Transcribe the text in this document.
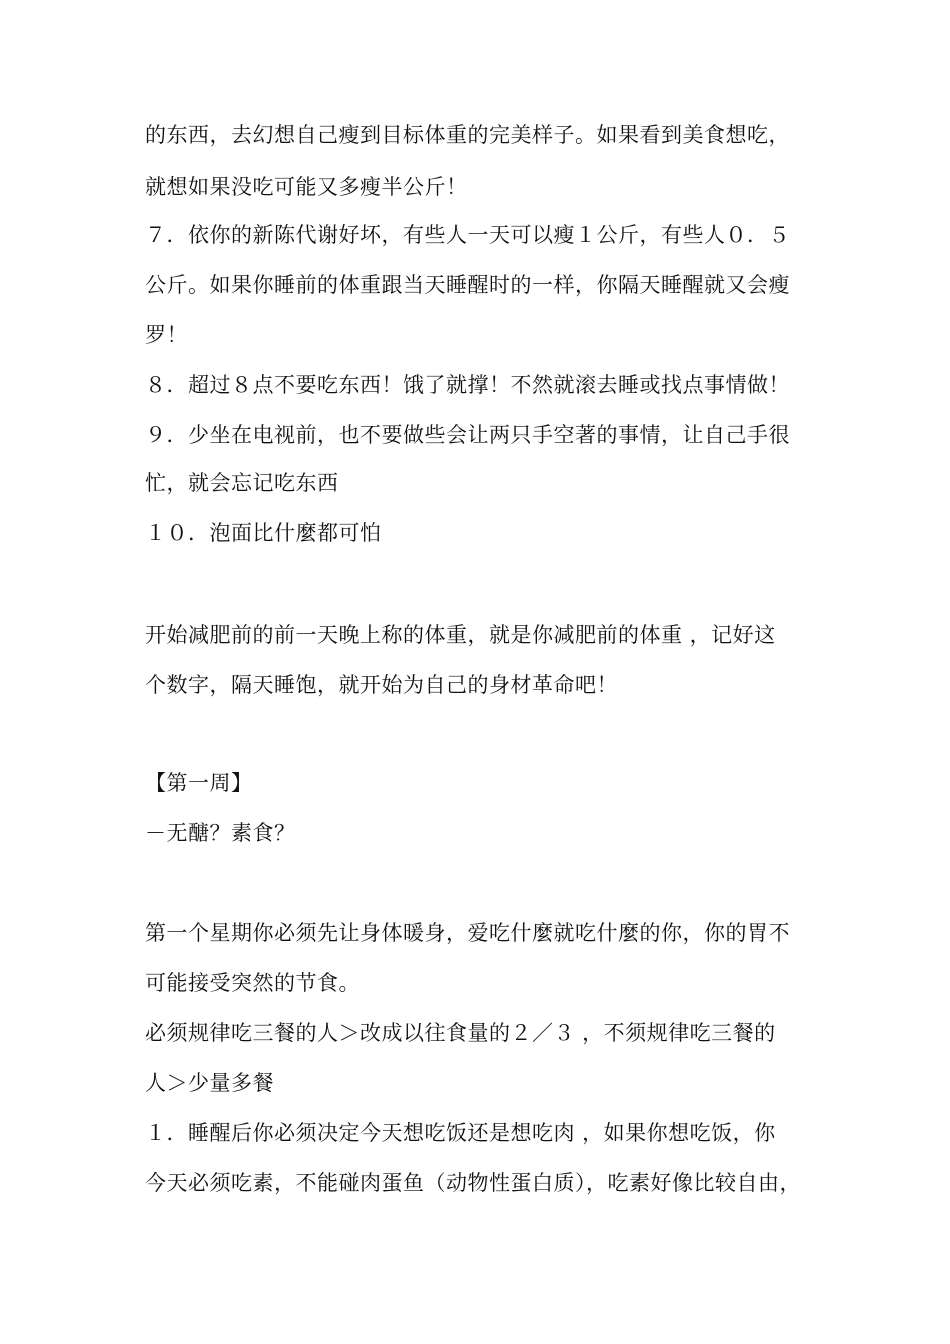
的东西，去幻想自己瘦到目标体重的完美样子。如果看到美食想吃，
就想如果没吃可能又多瘦半公斤！
７．依你的新陈代谢好坏，有些人一天可以瘦１公斤，有些人０．５
公斤。如果你睡前的体重跟当天睡醒时的一样，你隔天睡醒就又会瘦
罗！
８．超过８点不要吃东西！饿了就撑！不然就滚去睡或找点事情做！
９．少坐在电视前，也不要做些会让两只手空著的事情，让自己手很
忙，就会忘记吃东西
１０．泡面比什麼都可怕
开始减肥前的前一天晚上称的体重，就是你减肥前的体重 ，记好这
个数字，隔天睡饱，就开始为自己的身材革命吧！
【第一周】
－无醣？素食？
第一个星期你必须先让身体暖身，爱吃什麼就吃什麼的你，你的胃不
可能接受突然的节食。
必须规律吃三餐的人＞改成以往食量的２／３ ，不须规律吃三餐的
人＞少量多餐
１．睡醒后你必须决定今天想吃饭还是想吃肉 ，如果你想吃饭，你
今天必须吃素，不能碰肉蛋鱼（动物性蛋白质），吃素好像比较自由，
